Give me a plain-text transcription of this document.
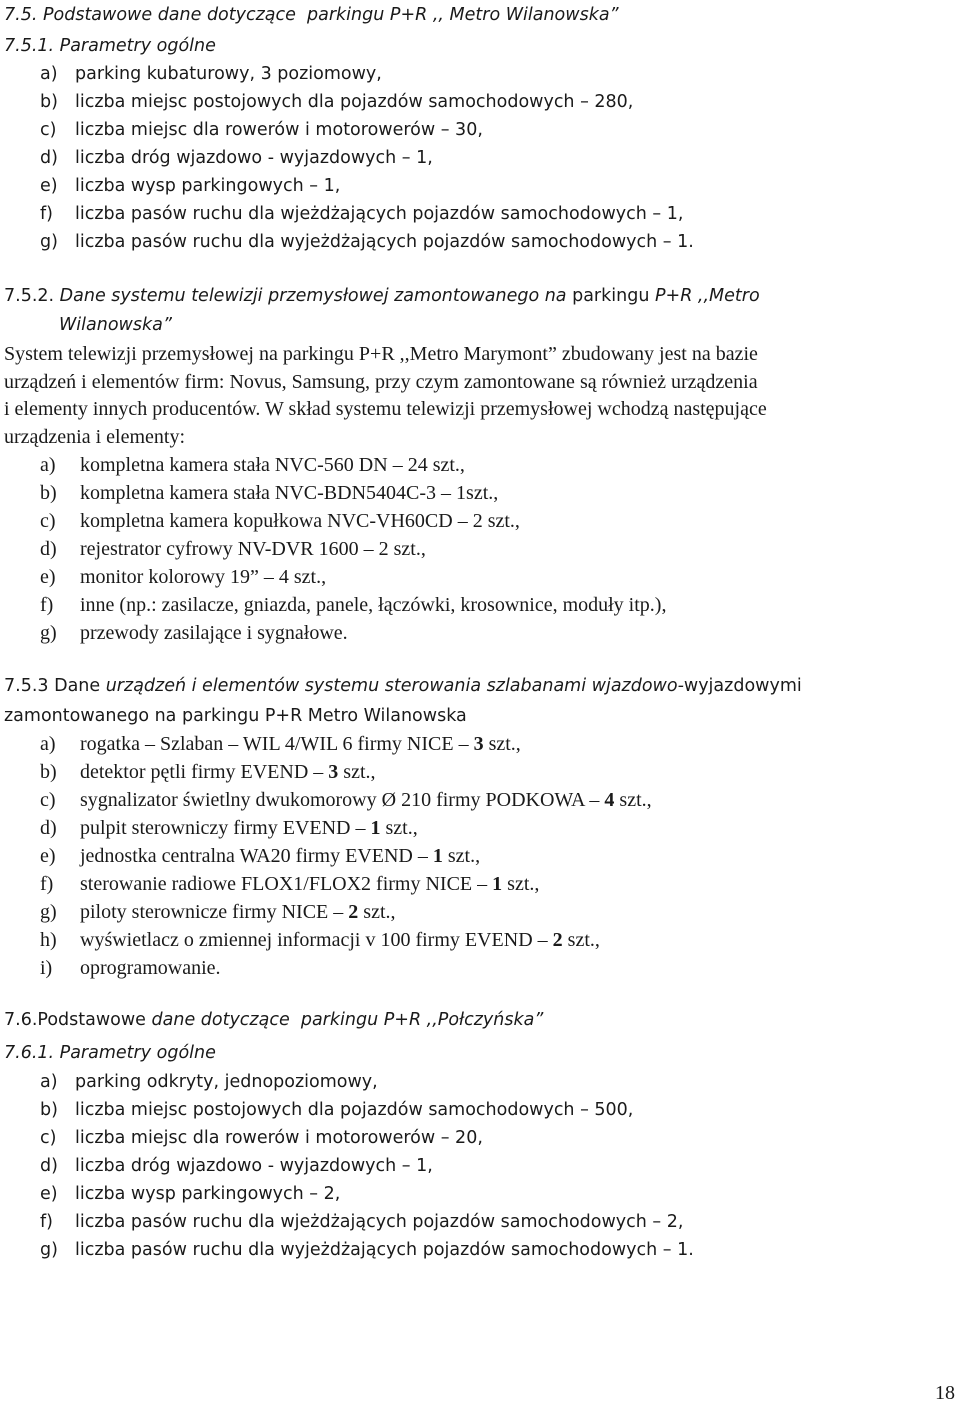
7.5. Podstawowe dane dotyczące  parkingu P+R ,, Metro Wilanowska”
7.5.1. Parametry ogólne
a) parking kubaturowy, 3 poziomowy,
b) liczba miejsc postojowych dla pojazdów samochodowych – 280,
c) liczba miejsc dla rowerów i motorowerów – 30,
d) liczba dróg wjazdowo - wyjazdowych – 1,
e) liczba wysp parkingowych – 1,
f) liczba pasów ruchu dla wjeżdżających pojazdów samochodowych – 1,
g) liczba pasów ruchu dla wyjeżdżających pojazdów samochodowych – 1.
7.5.2. Dane systemu telewizji przemysłowej zamontowanego na parkingu P+R ,,Metro
Wilanowska”
System telewizji przemysłowej na parkingu P+R ,,Metro Marymont” zbudowany jest na bazie
urządzeń i elementów firm: Novus, Samsung, przy czym zamontowane są również urządzenia
i elementy innych producentów. W skład systemu telewizji przemysłowej wchodzą następujące
urządzenia i elementy:
a) kompletna kamera stała NVC-560 DN – 24 szt.,
b) kompletna kamera stała NVC-BDN5404C-3 – 1szt.,
c) kompletna kamera kopułkowa NVC-VH60CD – 2 szt.,
d) rejestrator cyfrowy NV-DVR 1600 – 2 szt.,
e) monitor kolorowy 19” – 4 szt.,
f) inne (np.: zasilacze, gniazda, panele, łączówki, krosownice, moduły itp.),
g) przewody zasilające i sygnałowe.
7.5.3 Dane urządzeń i elementów systemu sterowania szlabanami wjazdowo-wyjazdowymi
zamontowanego na parkingu P+R Metro Wilanowska
a) rogatka – Szlaban – WIL 4/WIL 6 firmy NICE – 3 szt.,
b) detektor pętli firmy EVEND – 3 szt.,
c) sygnalizator świetlny dwukomorowy Ø 210 firmy PODKOWA – 4 szt.,
d) pulpit sterowniczy firmy EVEND – 1 szt.,
e) jednostka centralna WA20 firmy EVEND – 1 szt.,
f) sterowanie radiowe FLOX1/FLOX2 firmy NICE – 1 szt.,
g) piloty sterownicze firmy NICE – 2 szt.,
h) wyświetlacz o zmiennej informacji v 100 firmy EVEND – 2 szt.,
i) oprogramowanie.
7.6.Podstawowe dane dotyczące  parkingu P+R ,,Połczyńska”
7.6.1. Parametry ogólne
a) parking odkryty, jednopoziomowy,
b) liczba miejsc postojowych dla pojazdów samochodowych – 500,
c) liczba miejsc dla rowerów i motorowerów – 20,
d) liczba dróg wjazdowo - wyjazdowych – 1,
e) liczba wysp parkingowych – 2,
f) liczba pasów ruchu dla wjeżdżających pojazdów samochodowych – 2,
g) liczba pasów ruchu dla wyjeżdżających pojazdów samochodowych – 1.
18
